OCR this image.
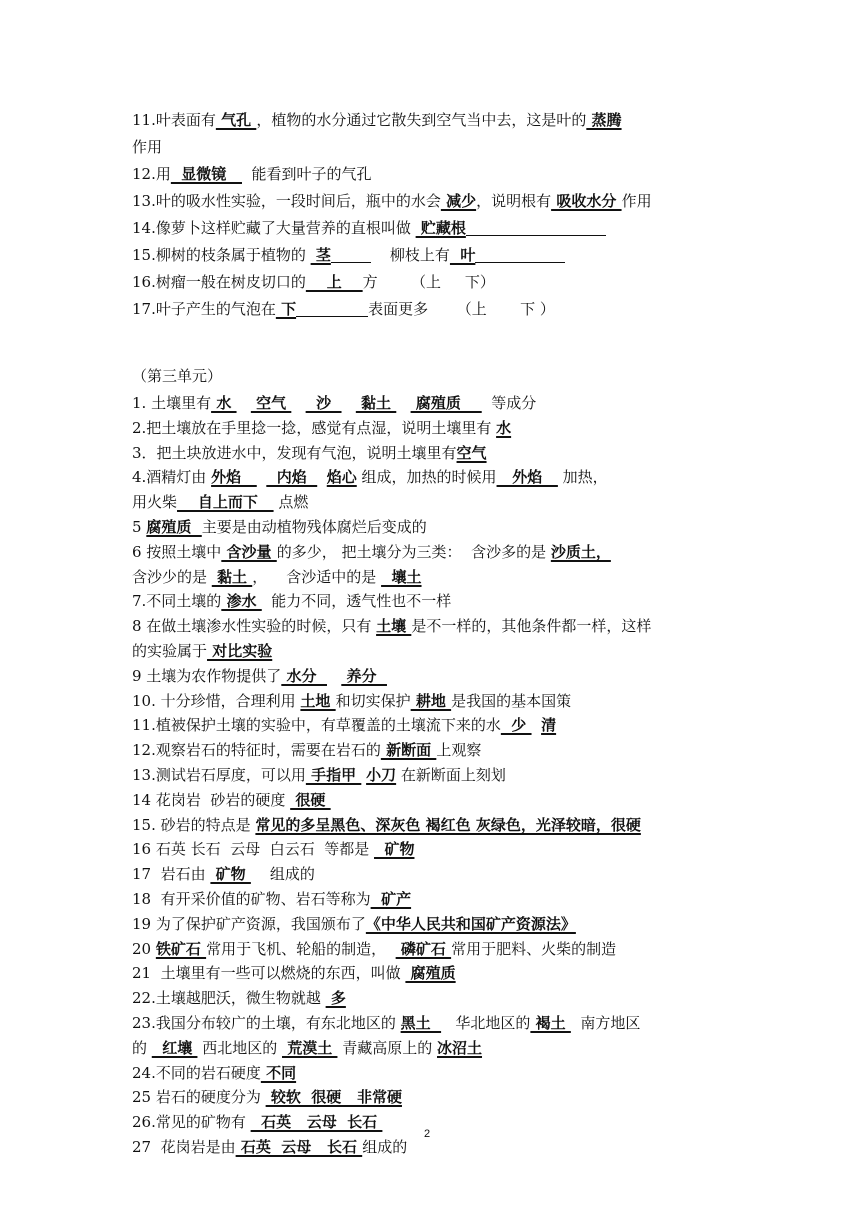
11.叶表面有 气孔 ，植物的水分通过它散失到空气当中去，这是叶的 蒸腾
作用
12.用  显微镜     能看到叶子的气孔
13.叶的吸水性实验，一段时间后，瓶中的水会 减少，说明根有 吸收水分 作用
14.像萝卜这样贮藏了大量营养的直根叫做  贮藏根
15.柳树的枝条属于植物的  茎	柳枝上有  叶
16.树瘤一般在树皮切口的    上    方       （上     下）
17.叶子产生的气泡在 下	表面更多      （上       下 ）
（第三单元）
1. 土壤里有 水     空气      沙      黏土     腐殖质      等成分
2.把土壤放在手里捻一捻，感觉有点湿，说明土壤里有 水
3．把土块放进水中，发现有气泡，说明土壤里有空气
4.酒精灯由 外焰       内焰    焰心 组成，加热的时候用   外焰    加热，
用火柴    自上而下    点燃
5 腐殖质  主要是由动植物残体腐烂后变成的
6 按照土壤中 含沙量 的多少， 把土壤分为三类：  含沙多的是 沙质土，
含沙少的是  黏土 ，    含沙适中的是   壤土
7.不同土壤的 渗水   能力不同，透气性也不一样
8 在做土壤渗水性实验的时候，只有 土壤 是不一样的，其他条件都一样，这样
的实验属于 对比实验
9 土壤为农作物提供了 水分      养分
10. 十分珍惜，合理利用 土地 和切实保护 耕地 是我国的基本国策
11.植被保护土壤的实验中，有草覆盖的土壤流下来的水  少   清
12.观察岩石的特征时，需要在岩石的 新断面 上观察
13.测试岩石厚度，可以用 手指甲  小刀 在新断面上刻划
14 花岗岩  砂岩的硬度  很硬
15. 砂岩的特点是 常见的多呈黑色、深灰色 褐红色 灰绿色，光泽较暗，很硬
16 石英 长石  云母  白云石  等都是   矿物
17  岩石由  矿物     组成的
18  有开采价值的矿物、岩石等称为  矿产
19 为了保护矿产资源，我国颁布了《中华人民共和国矿产资源法》
20 铁矿石 常用于飞机、轮船的制造，   磷矿石 常用于肥料、火柴的制造
21  土壤里有一些可以燃烧的东西，叫做  腐殖质
22.土壤越肥沃，微生物就越  多
23.我国分布较广的土壤，有东北地区的 黑土     华北地区的 褐土   南方地区
的   红壤  西北地区的  荒漠土  青藏高原上的 冰沼土
24.不同的岩石硬度 不同
25 岩石的硬度分为  较软  很硬   非常硬
26.常见的矿物有   石英   云母  长石
27  花岗岩是由 石英  云母   长石 组成的
2
